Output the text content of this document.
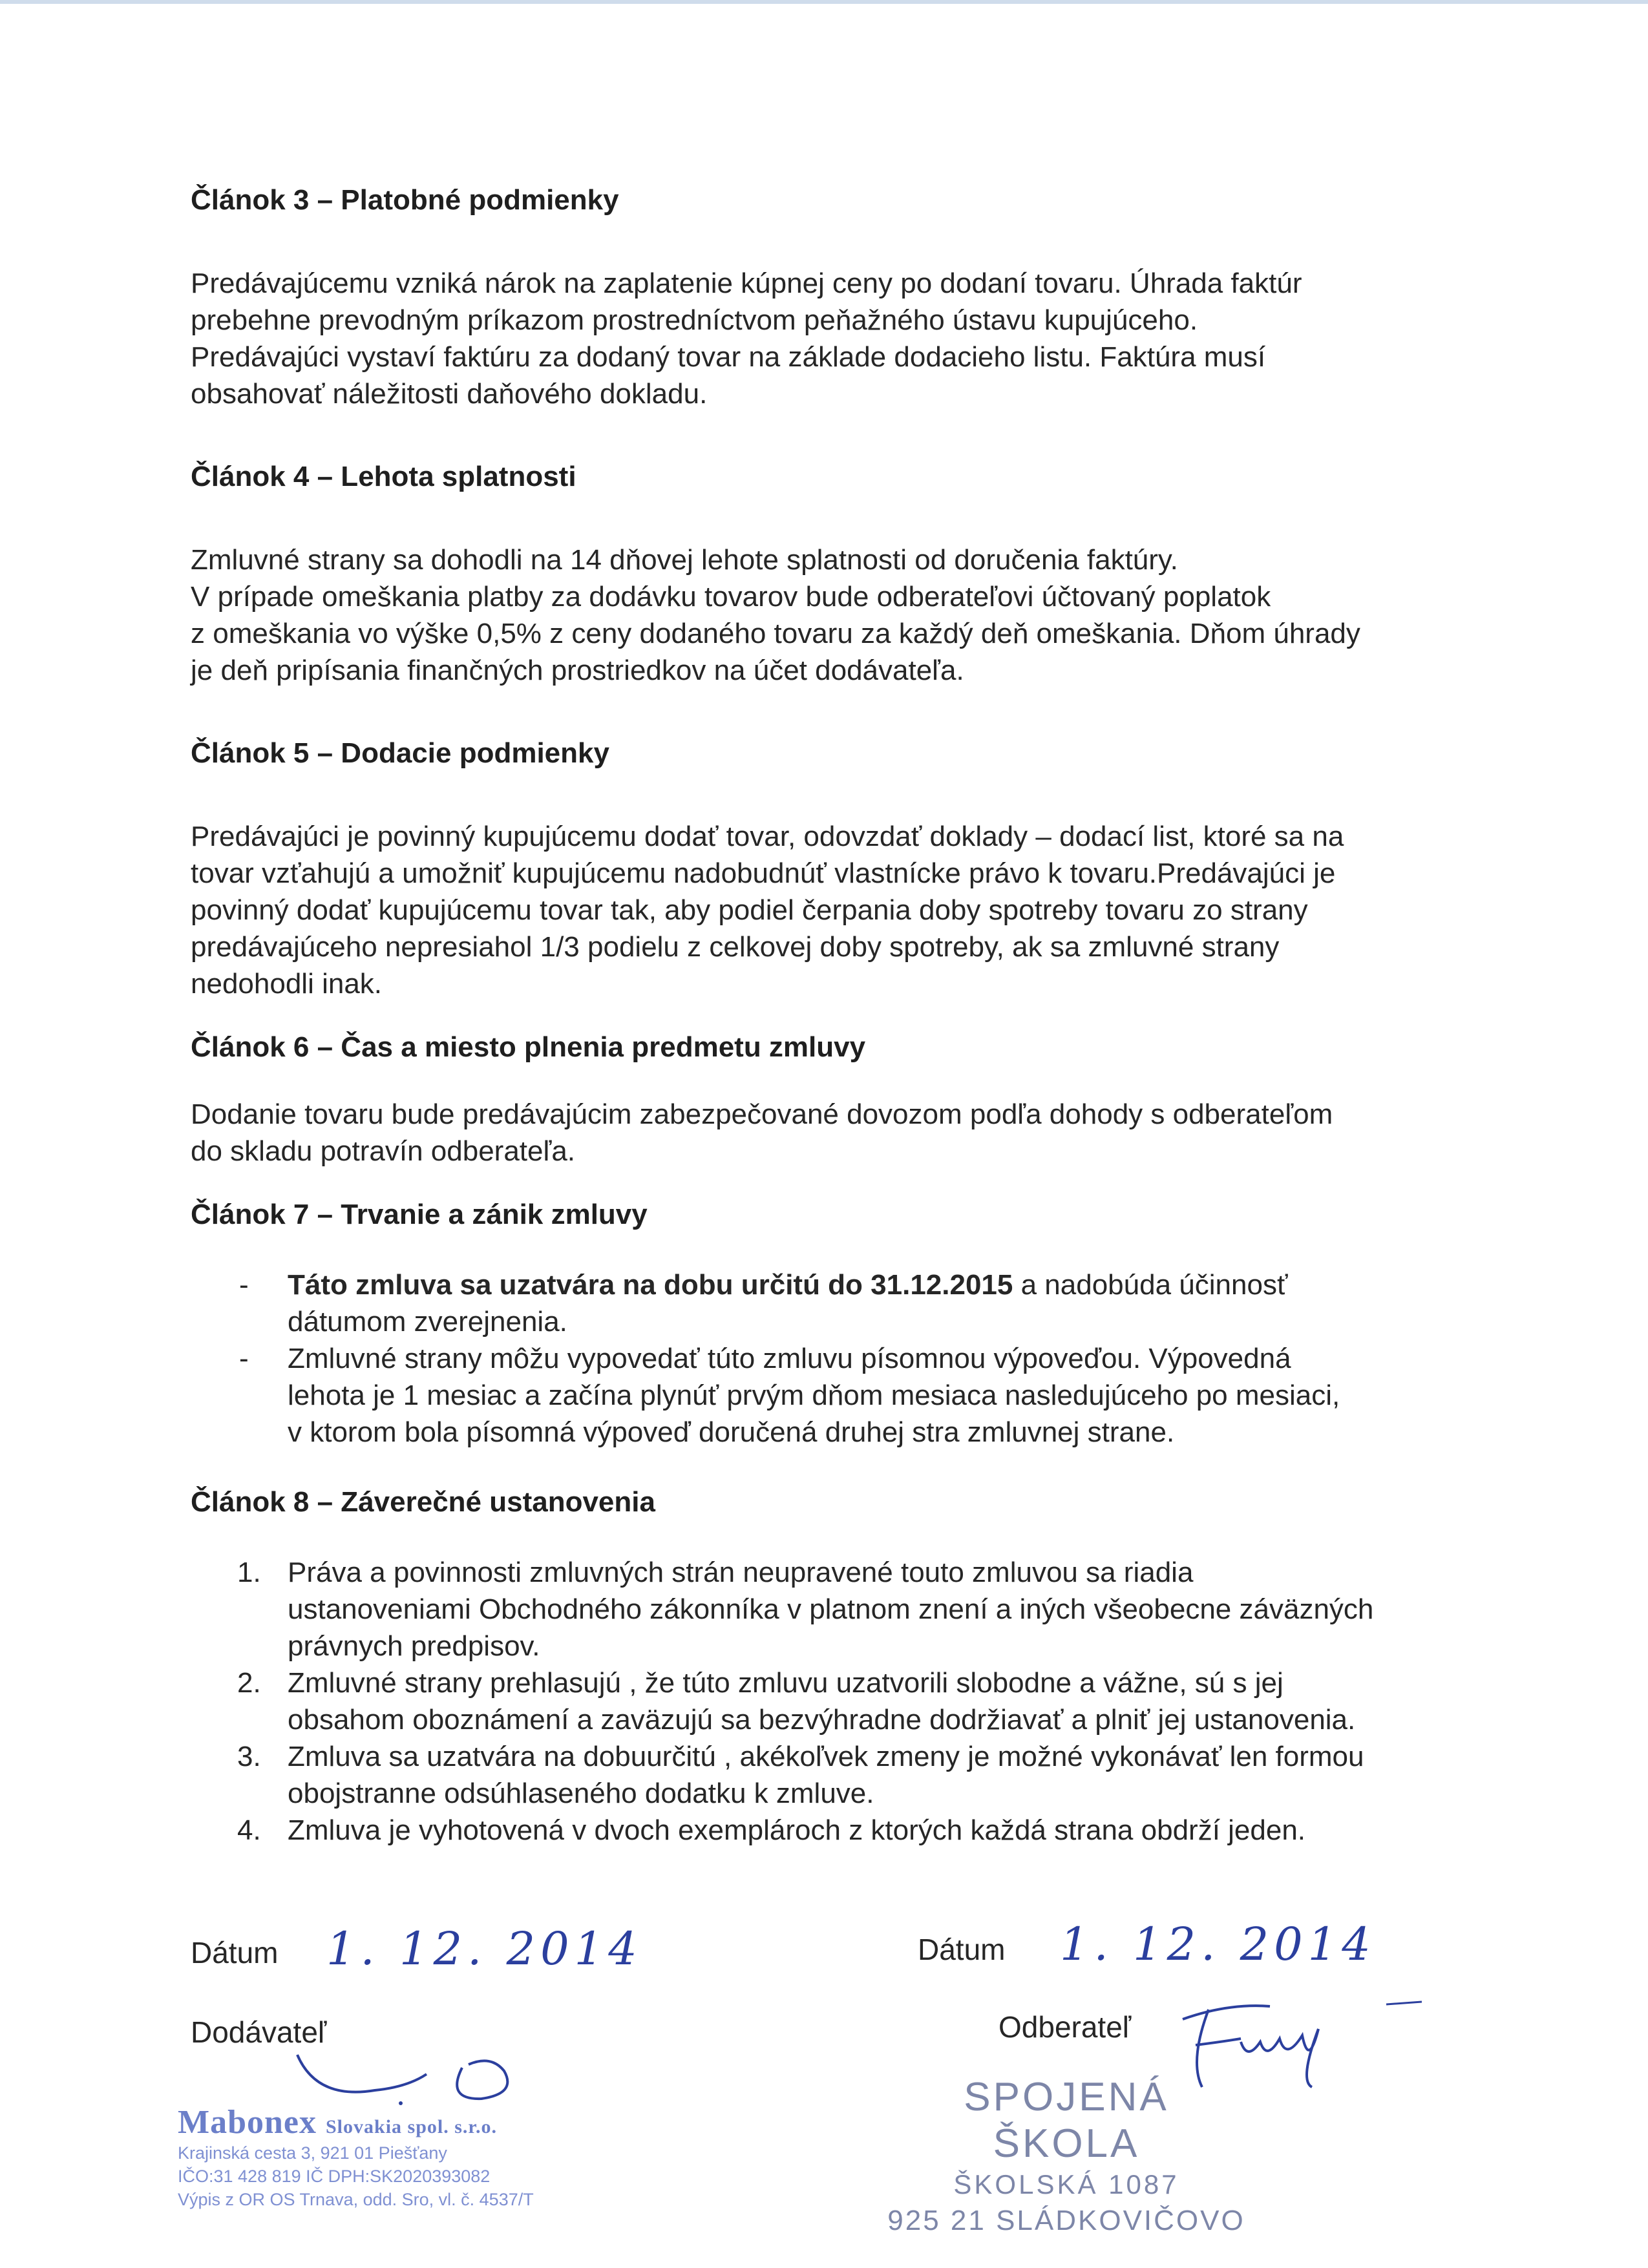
Článok 3 – Platobné podmienky

Predávajúcemu vzniká nárok na zaplatenie kúpnej ceny po dodaní tovaru. Úhrada faktúr

prebehne prevodným príkazom prostredníctvom peňažného ústavu kupujúceho.

Predávajúci vystaví faktúru za dodaný tovar na základe dodacieho listu. Faktúra musí

obsahovať náležitosti daňového dokladu.

Článok 4 – Lehota splatnosti

Zmluvné strany sa dohodli na 14 dňovej lehote splatnosti od doručenia faktúry.

V prípade omeškania platby za dodávku tovarov bude odberateľovi účtovaný poplatok

z omeškania vo výške 0,5% z ceny dodaného tovaru za každý deň omeškania. Dňom úhrady

je deň pripísania finančných prostriedkov na účet dodávateľa.

Článok 5 – Dodacie podmienky

Predávajúci je povinný kupujúcemu dodať tovar, odovzdať doklady – dodací list, ktoré sa na

tovar vzťahujú a umožniť kupujúcemu nadobudnúť vlastnícke právo k tovaru.Predávajúci je

povinný dodať kupujúcemu tovar tak, aby podiel čerpania doby spotreby tovaru zo strany

predávajúceho nepresiahol 1/3 podielu z celkovej doby spotreby, ak sa zmluvné strany

nedohodli inak.

Článok 6 – Čas a miesto plnenia predmetu zmluvy

Dodanie tovaru bude predávajúcim zabezpečované dovozom podľa dohody s odberateľom

do skladu potravín odberateľa.

Článok 7 – Trvanie a zánik zmluvy

- Táto zmluva sa uzatvára na dobu určitú do 31.12.2015 a nadobúda účinnosť
dátumom zverejnenia.
- Zmluvné strany môžu vypovedať túto zmluvu písomnou výpoveďou. Výpovedná
lehota je 1 mesiac a začína plynúť prvým dňom mesiaca nasledujúceho po mesiaci,
v ktorom bola písomná výpoveď doručená druhej stra zmluvnej strane.

Článok 8 – Záverečné ustanovenia

1. Práva a povinnosti zmluvných strán neupravené touto zmluvou sa riadia
ustanoveniami Obchodného zákonníka v platnom znení a iných všeobecne záväzných
právnych predpisov.
2. Zmluvné strany prehlasujú , že túto zmluvu uzatvorili slobodne a vážne, sú s jej
obsahom oboznámení a zaväzujú sa bezvýhradne dodržiavať a plniť jej ustanovenia.
3. Zmluva sa uzatvára na dobuurčitú , akékoľvek zmeny je možné vykonávať len formou
obojstranne odsúhlaseného dodatku k zmluve.
4. Zmluva je vyhotovená v dvoch exemplároch z ktorých každá strana obdrží jeden.
Dátum 1. 12. 2014
Dodávateľ
Mabonex Slovakia spol. s.r.o.
Krajinská cesta 3, 921 01 Piešťany
IČO:31 428 819 IČ DPH:SK2020393082
Výpis z OR OS Trnava, odd. Sro, vl. č. 4537/T
Dátum 1. 12. 2014
Odberateľ
SPOJENÁ ŠKOLA
ŠKOLSKÁ 1087
925 21 SLÁDKOVIČOVO
